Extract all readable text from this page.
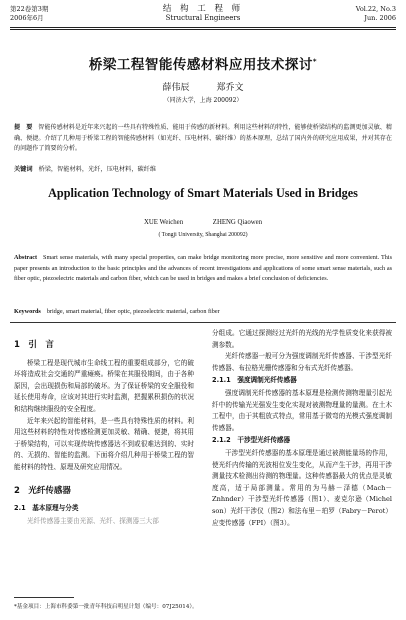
第22卷第3期
2006年6月
结 构 工 程 师
Structural Engineers
Vol.22, No.3
Jun. 2006
桥梁工程智能传感材料应用技术探讨*
薛伟辰	郑乔文
（同济大学，上海 200092）
提　要 智能传感材料是近年来兴起的一些具有特殊性质、能用于传感的新材料。利用这些材料的特性，能够使桥梁结构的监测更加灵敏、精确、便捷。介绍了几种用于桥梁工程的智能传感材料（如光纤、压电材料、碳纤维）的基本原理，总结了国内外的研究应用成果，并对其存在的问题作了简要的分析。
关键词 桥梁，智能材料，光纤，压电材料，碳纤维
Application Technology of Smart Materials Used in Bridges
XUE Weichen	ZHENG Qiaowen
( Tongji University, Shanghai 200092)
Abstract Smart sense materials, with many special properties, can make bridge monitoring more precise, more sensitive and more convenient. This paper presents an introduction to the basic principles and the advances of recent investigations and applications of some smart sense materials, such as fiber optic, piezoelectric materials and carbon fiber, which can be used in bridges and makes a brief conclusion of deficiencies.
Keywords bridge, smart material, fiber optic, piezoelectric material, carbon fiber
1　引　言

桥梁工程是现代城市生命线工程的重要组成部分，它的破坏将造成社会交通的严重瘫痪。桥梁在其服役期间，由于各种原因，会出现损伤和局部的破坏。为了保证桥梁的安全服役和延长使用寿命，应该对其进行实时监测，把握累积损伤的状况和结构继续服役的安全程度。

近年来兴起的智能材料，是一些具有特殊性质的材料。利用这些材料的特性对传感检测更加灵敏、精确、便捷，将其用于桥梁结构，可以实现传统传感器达不到或很难达到的、实时的、无损的、智能的监测。下面将介绍几种用于桥梁工程的智能材料的特性、原理及研究应用情况。

2　光纤传感器
2.1　基本原理与分类

光纤传感器主要由光源、光纤、探测器三大部

分组成。它通过探测经过光纤的光线的光学性质变化来获得被测参数。

光纤传感器一般可分为强度调制光纤传感器、干涉型光纤传感器、布拉格光栅传感器和分布式光纤传感器。

2.1.1　强度调制光纤传感器

强度调制光纤传感器的基本原理是检测传测物理量引起光纤中的传输光光强发生变化实现对被测物理量的量测。在土木工程中，由于其粗放式特点，常用基于微弯的光模式强度调制传感器。

2.1.2　干涉型光纤传感器

干涉型光纤传感器的基本原理是通过被测能量场的作用，使光纤内传输的光波相位发生变化，从而产生干涉，再用干涉测量技术检测出待测的物理量。这种传感器最大的优点是灵敏度高，适于局部测量。常用的为马赫－泽德（Mach－Znhnder）干涉型光纤传感器（图1）、麦克尔逊（Michel son）光纤干涉仪（图2）和法布里－珀罗（Fabry－Perot）应变传感器（FPI）（图3）。

*基金项目：上海市科委第一批青年科技启明星计划（编号：07J25014）。
